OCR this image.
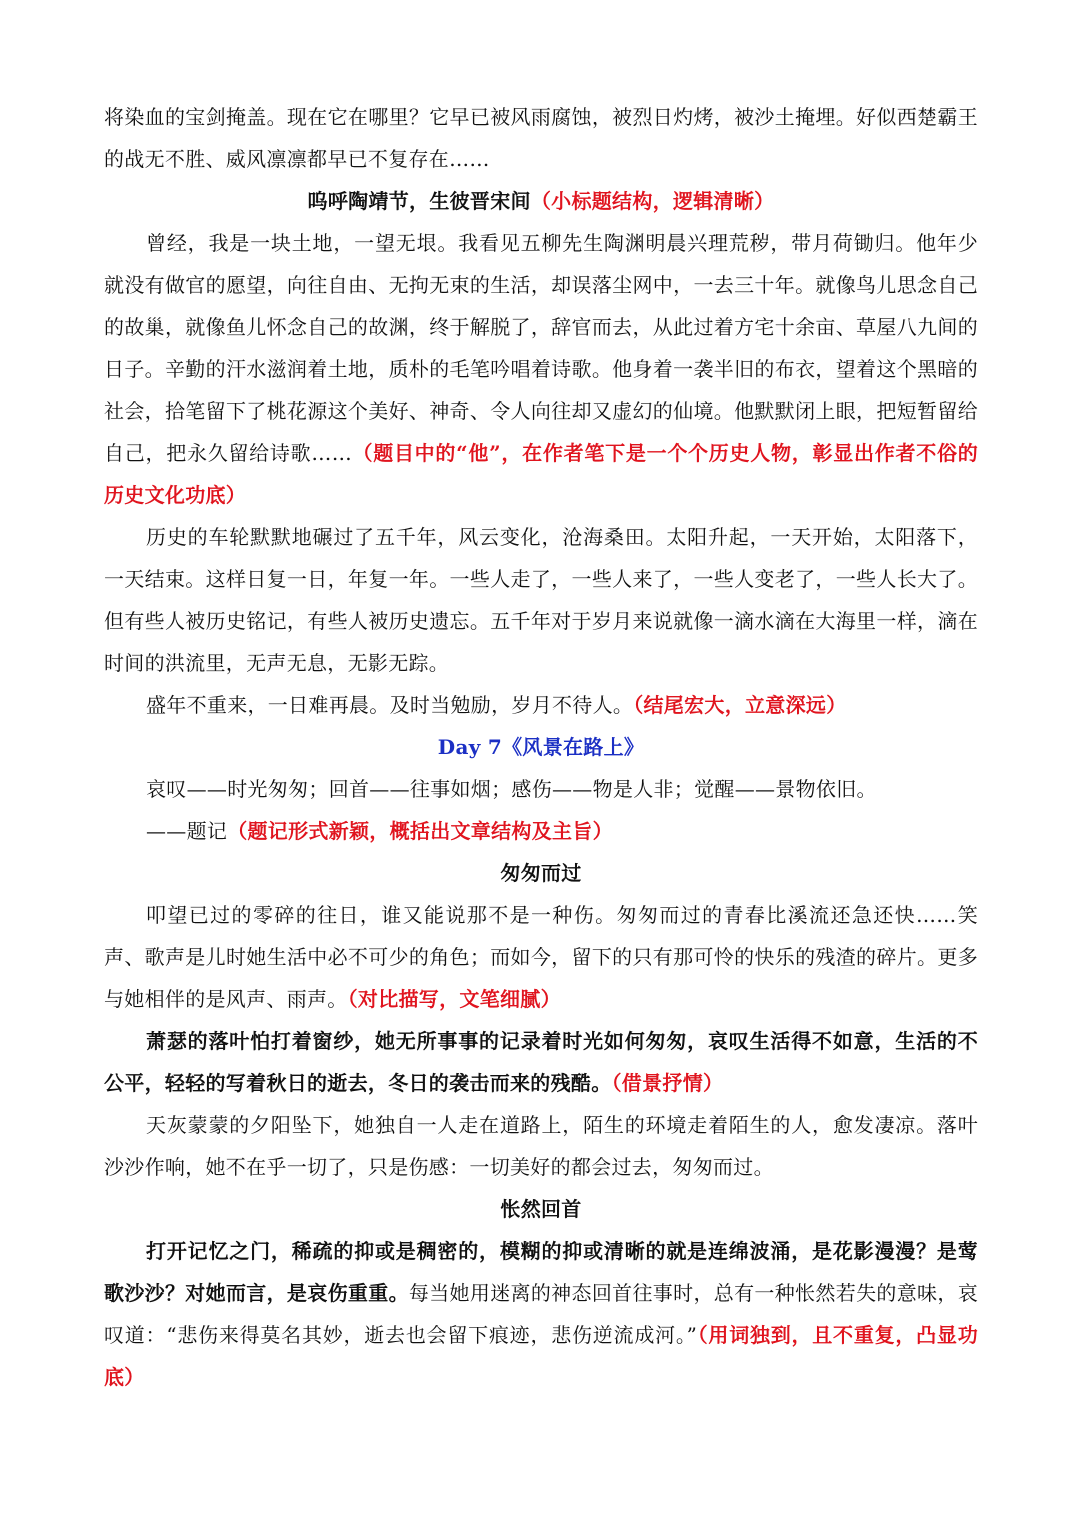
将染血的宝剑掩盖。现在它在哪里？它早已被风雨腐蚀，被烈日灼烤，被沙土掩埋。好似西楚霸王的战无不胜、威风凛凛都早已不复存在……

呜呼陶靖节，生彼晋宋间（小标题结构，逻辑清晰）

曾经，我是一块土地，一望无垠。我看见五柳先生陶渊明晨兴理荒秽，带月荷锄归。他年少就没有做官的愿望，向往自由、无拘无束的生活，却误落尘网中，一去三十年。就像鸟儿思念自己的故巢，就像鱼儿怀念自己的故渊，终于解脱了，辞官而去，从此过着方宅十余亩、草屋八九间的日子。辛勤的汗水滋润着土地，质朴的毛笔吟唱着诗歌。他身着一袭半旧的布衣，望着这个黑暗的社会，拾笔留下了桃花源这个美好、神奇、令人向往却又虚幻的仙境。他默默闭上眼，把短暂留给自己，把永久留给诗歌……（题目中的“他”，在作者笔下是一个个历史人物，彰显出作者不俗的历史文化功底）

历史的车轮默默地碾过了五千年，风云变化，沧海桑田。太阳升起，一天开始，太阳落下，一天结束。这样日复一日，年复一年。一些人走了，一些人来了，一些人变老了，一些人长大了。但有些人被历史铭记，有些人被历史遗忘。五千年对于岁月来说就像一滴水滴在大海里一样，滴在时间的洪流里，无声无息，无影无踪。

盛年不重来，一日难再晨。及时当勉励，岁月不待人。（结尾宏大，立意深远）

Day 7《风景在路上》

哀叹——时光匆匆；回首——往事如烟；感伤——物是人非；觉醒——景物依旧。

——题记（题记形式新颖，概括出文章结构及主旨）

匆匆而过

叩望已过的零碎的往日，谁又能说那不是一种伤。匆匆而过的青春比溪流还急还快……笑声、歌声是儿时她生活中必不可少的角色；而如今，留下的只有那可怜的快乐的残渣的碎片。更多与她相伴的是风声、雨声。（对比描写，文笔细腻）

萧瑟的落叶怕打着窗纱，她无所事事的记录着时光如何匆匆，哀叹生活得不如意，生活的不公平，轻轻的写着秋日的逝去，冬日的袭击而来的残酷。（借景抒情）

天灰蒙蒙的夕阳坠下，她独自一人走在道路上，陌生的环境走着陌生的人，愈发凄凉。落叶沙沙作响，她不在乎一切了，只是伤感：一切美好的都会过去，匆匆而过。

怅然回首

打开记忆之门，稀疏的抑或是稠密的，模糊的抑或清晰的就是连绵波涌，是花影漫漫？是莺歌沙沙？对她而言，是哀伤重重。每当她用迷离的神态回首往事时，总有一种怅然若失的意味，哀叹道：“悲伤来得莫名其妙，逝去也会留下痕迹，悲伤逆流成河。”（用词独到，且不重复，凸显功底）
